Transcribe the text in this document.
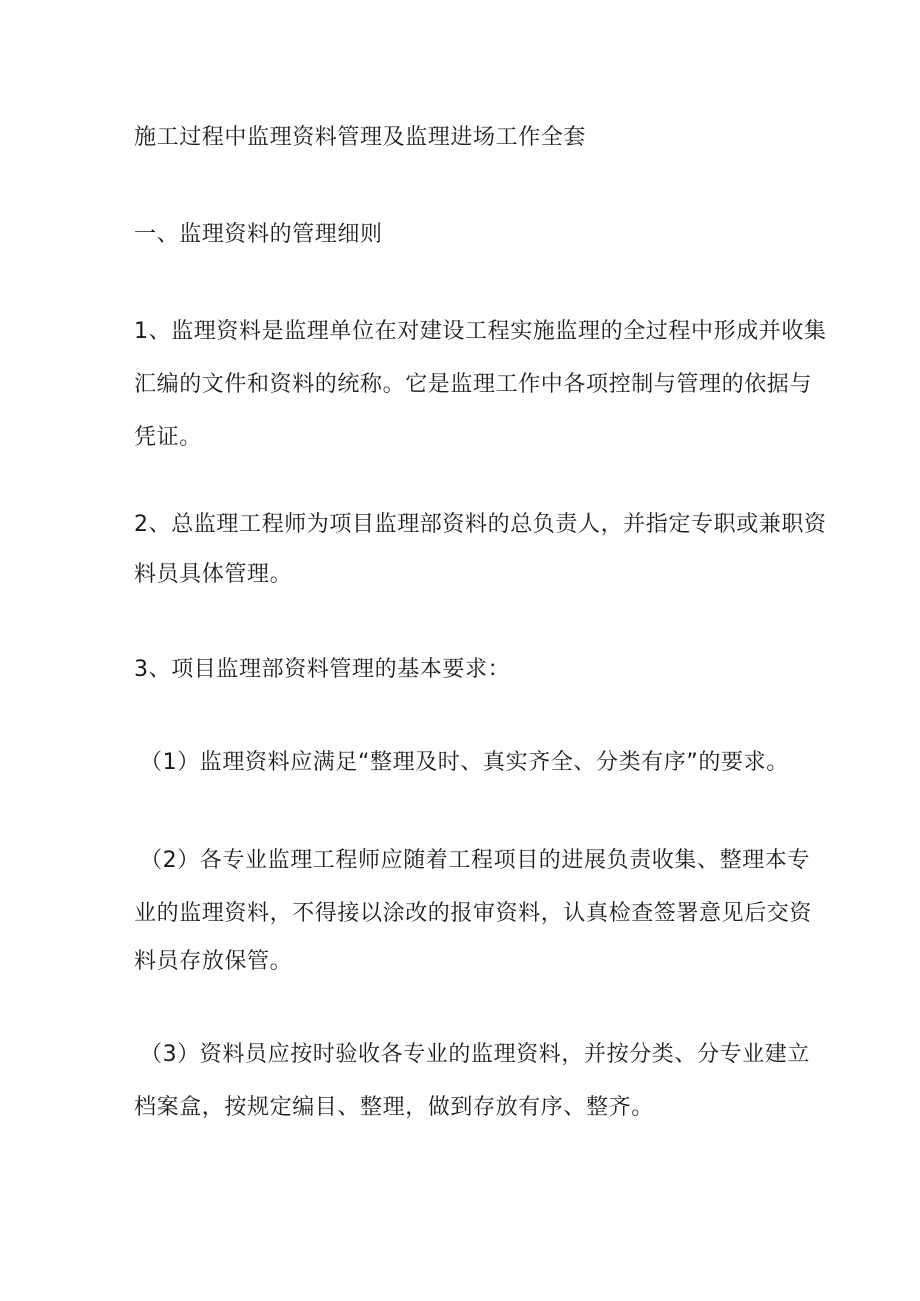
施工过程中监理资料管理及监理进场工作全套
一、监理资料的管理细则
1、监理资料是监理单位在对建设工程实施监理的全过程中形成并收集
汇编的文件和资料的统称。它是监理工作中各项控制与管理的依据与
凭证。
2、总监理工程师为项目监理部资料的总负责人，并指定专职或兼职资
料员具体管理。
3、项目监理部资料管理的基本要求：
（1）监理资料应满足“整理及时、真实齐全、分类有序”的要求。
（2）各专业监理工程师应随着工程项目的进展负责收集、整理本专
业的监理资料，不得接以涂改的报审资料，认真检查签署意见后交资
料员存放保管。
（3）资料员应按时验收各专业的监理资料，并按分类、分专业建立
档案盒，按规定编目、整理，做到存放有序、整齐。
